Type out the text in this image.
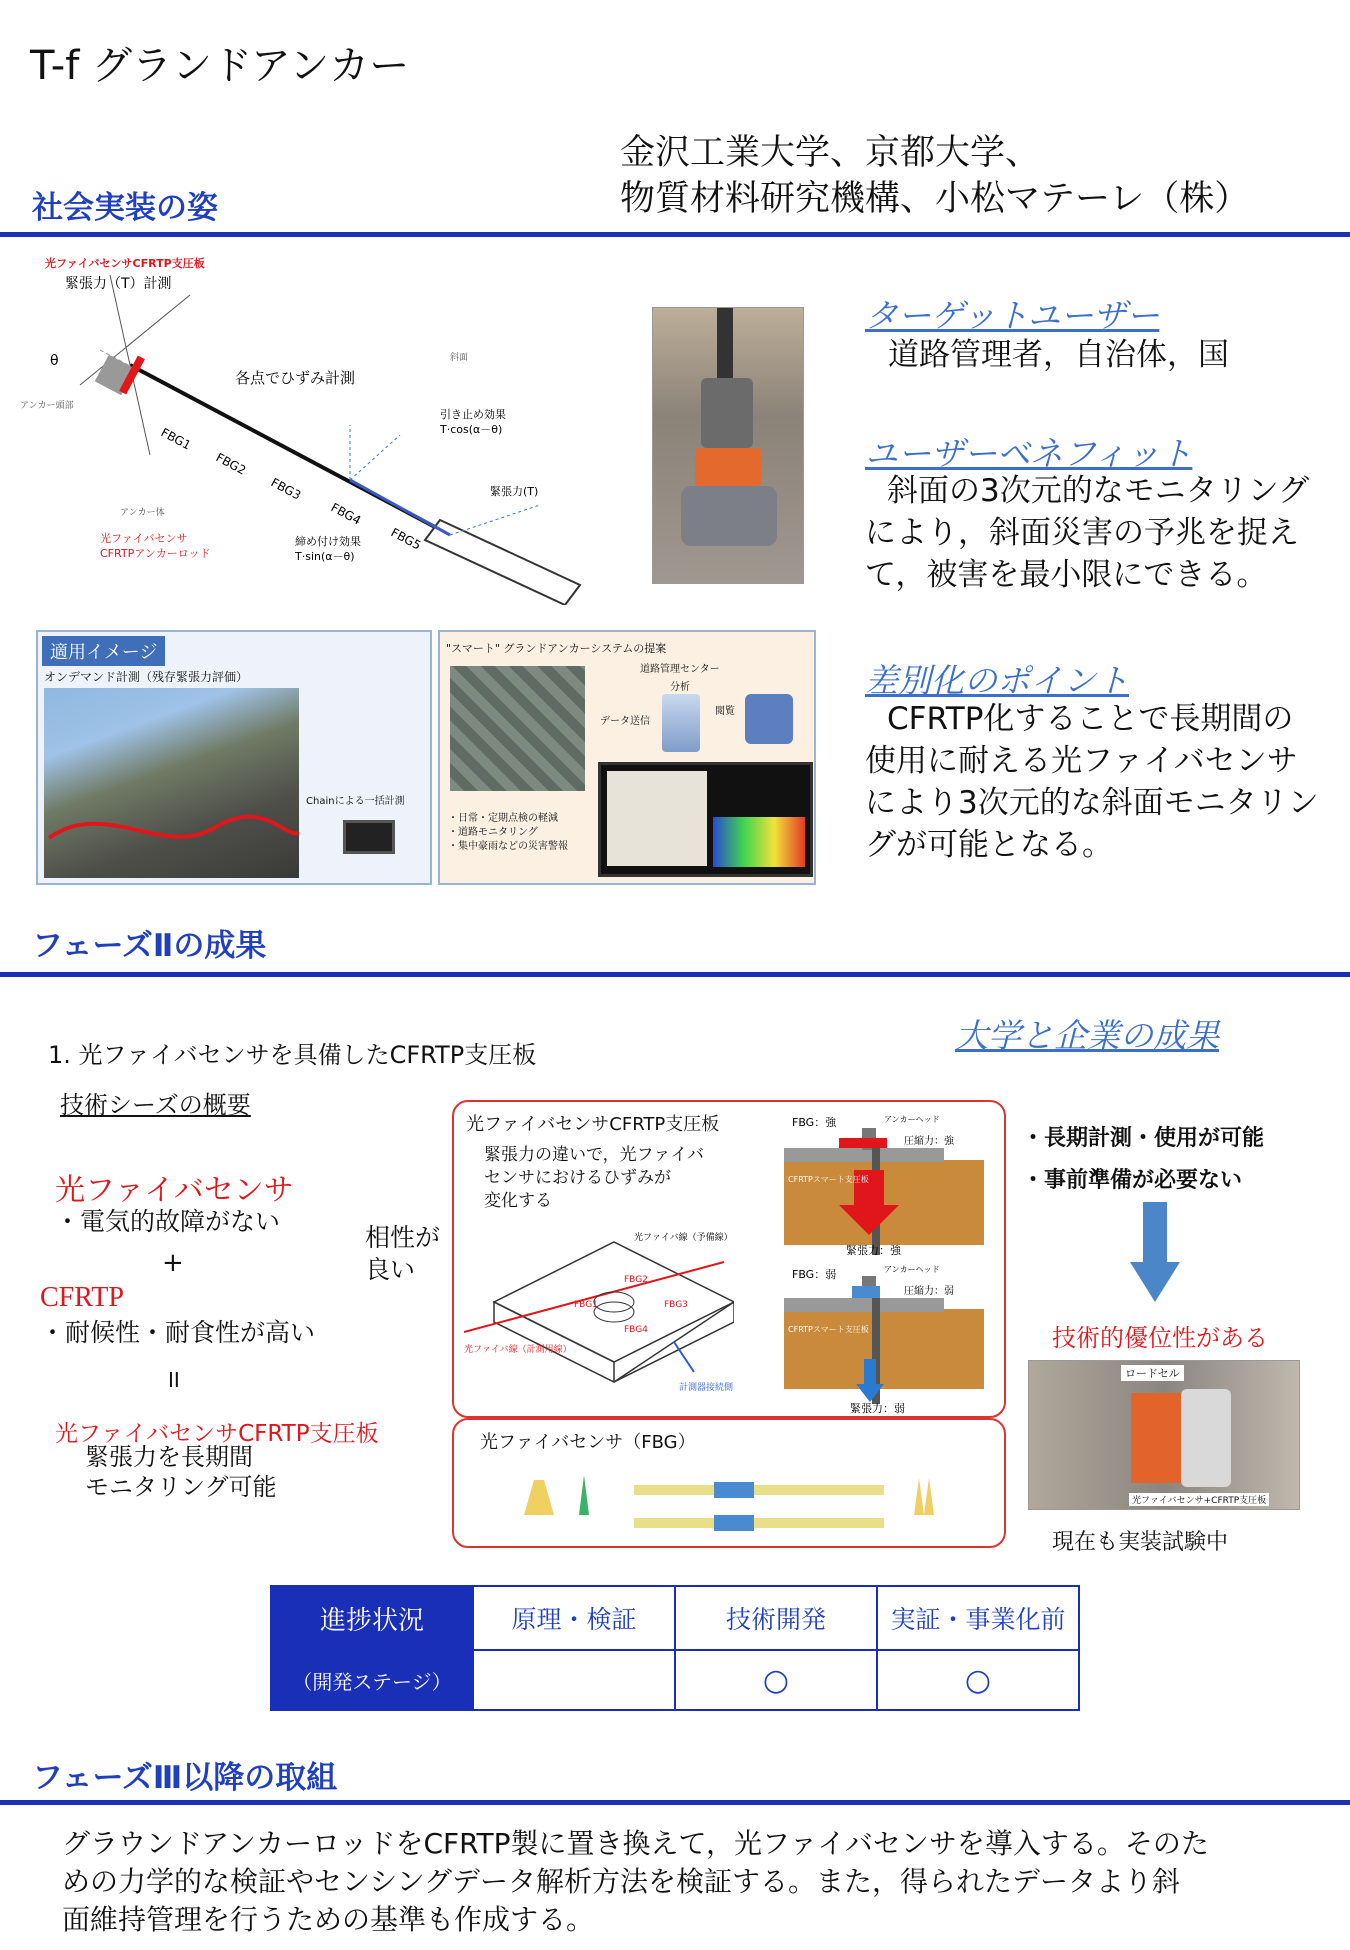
T-f グランドアンカー
金沢工業大学、京都大学、
物質材料研究機構、小松マテーレ（株）
社会実装の姿
光ファイバセンサCFRTP支圧板
緊張力（T）計測
θ
アンカー頭部
各点でひずみ計測
斜面
引き止め効果
T·cos(α－θ)
緊張力(T)
締め付け効果
T·sin(α－θ)
光ファイバセンサ
CFRTPアンカーロッド
アンカー体
FBG1
FBG2
FBG3
FBG4
FBG5
ターゲットユーザー
道路管理者，自治体，国
ユーザーベネフィット
斜面の3次元的なモニタリング
により，斜面災害の予兆を捉え
て，被害を最小限にできる。
差別化のポイント
CFRTP化することで長期間の
使用に耐える光ファイバセンサ
により3次元的な斜面モニタリン
グが可能となる。
適用イメージ
オンデマンド計測（残存緊張力評価）
Chainによる一括計測
"スマート" グランドアンカーシステムの提案
道路管理センター
分析
データ送信
閲覧
・日常・定期点検の軽減
・道路モニタリング
・集中豪雨などの災害警報
フェーズⅡの成果
1. 光ファイバセンサを具備したCFRTP支圧板	大学と企業の成果
技術シーズの概要
光ファイバセンサ
・電気的故障がない
+
CFRTP
・耐候性・耐食性が高い
II
相性が
良い
光ファイバセンサCFRTP支圧板
緊張力を長期間
モニタリング可能
光ファイバセンサCFRTP支圧板
緊張力の違いで，光ファイバ
センサにおけるひずみが
変化する
光ファイバ線（予備線）
FBG1
FBG2
FBG3
FBG4
光ファイバ線（計測用線）
計測器接続側
FBG：強	アンカーヘッド
圧縮力：強
CFRTPスマート支圧板
緊張力：強
FBG：弱	アンカーヘッド
圧縮力：弱
CFRTPスマート支圧板
緊張力：弱
光ファイバセンサ（FBG）
・長期計測・使用が可能
・事前準備が必要ない
技術的優位性がある
ロードセル
光ファイバセンサ+CFRTP支圧板
現在も実装試験中
進捗状況	原理・検証	技術開発	実証・事業化前
（開発ステージ）		○	○
フェーズⅢ以降の取組
グラウンドアンカーロッドをCFRTP製に置き換えて，光ファイバセンサを導入する。そのた
めの力学的な検証やセンシングデータ解析方法を検証する。また，得られたデータより斜
面維持管理を行うための基準も作成する。
